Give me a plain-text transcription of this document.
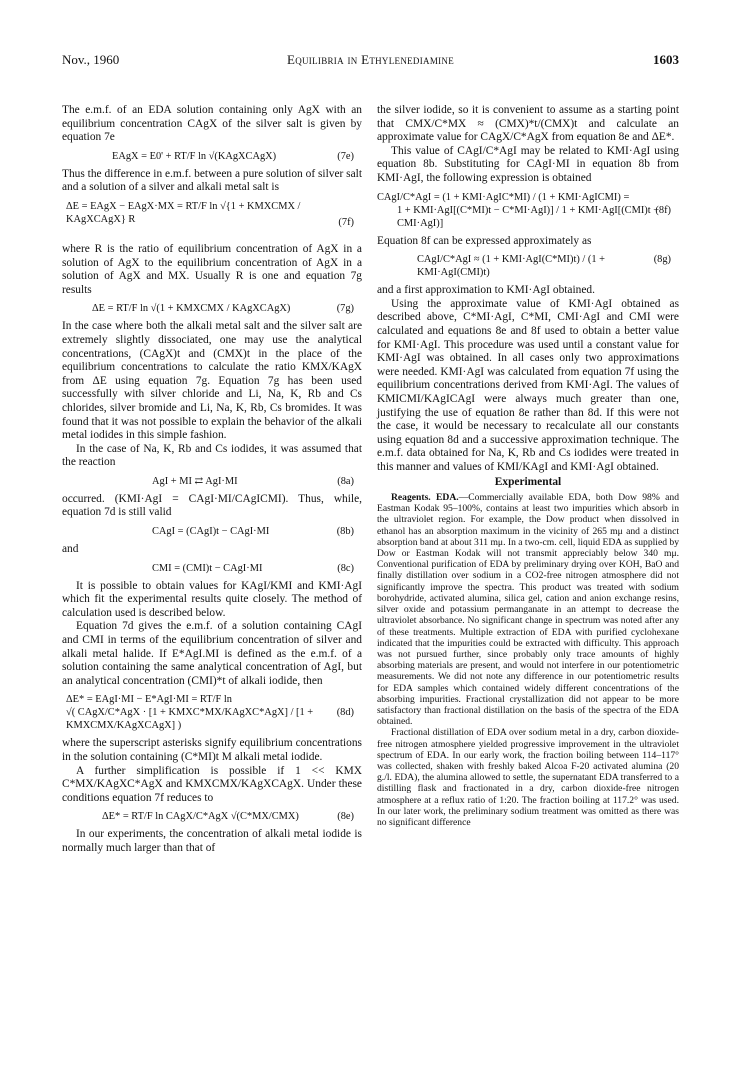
Nov., 1960	Equilibria in Ethylenediamine	1603

The e.m.f. of an EDA solution containing only AgX with an equilibrium concentration CAgX of the silver salt is given by equation 7e

EAgX = E0' + RT/F ln √(KAgXCAgX)	(7e)

Thus the difference in e.m.f. between a pure solution of silver salt and a solution of a silver and alkali metal salt is

ΔE = EAgX − EAgX·MX = RT/F ln √{1 + KMXCMX / KAgXCAgX} R	(7f)

where R is the ratio of equilibrium concentration of AgX in a solution of AgX to the equilibrium concentration of AgX in a solution of AgX and MX. Usually R is one and equation 7g results

ΔE = RT/F ln √(1 + KMXCMX / KAgXCAgX)	(7g)

In the case where both the alkali metal salt and the silver salt are extremely slightly dissociated, one may use the analytical concentrations, (CAgX)t and (CMX)t in the place of the equilibrium concentrations to calculate the ratio KMX/KAgX from ΔE using equation 7g. Equation 7g has been used successfully with silver chloride and Li, Na, K, Rb and Cs chlorides, silver bromide and Li, Na, K, Rb, Cs bromides. It was found that it was not possible to explain the behavior of the alkali metal iodides in this simple fashion.

In the case of Na, K, Rb and Cs iodides, it was assumed that the reaction

AgI + MI ⇄ AgI·MI	(8a)

occurred. (KMI·AgI = CAgI·MI/CAgICMI). Thus, while, equation 7d is still valid

CAgI = (CAgI)t − CAgI·MI	(8b)

and

CMI = (CMI)t − CAgI·MI	(8c)

It is possible to obtain values for KAgI/KMI and KMI·AgI which fit the experimental results quite closely. The method of calculation used is described below.

Equation 7d gives the e.m.f. of a solution containing CAgI and CMI in terms of the equilibrium concentration of silver and alkali metal halide. If E*AgI.MI is defined as the e.m.f. of a solution containing the same analytical concentration of AgI, but an analytical concentration (CMI)*t of alkali iodide, then

ΔE* = EAgI·MI − E*AgI·MI = RT/F ln
√( CAgX/C*AgX · [1 + KMXC*MX/KAgXC*AgX] / [1 + KMXCMX/KAgXCAgX] )
(8d)

where the superscript asterisks signify equilibrium concentrations in the solution containing (C*MI)t M alkali metal iodide.

A further simplification is possible if 1 << KMX C*MX/KAgXC*AgX and KMXCMX/KAgXCAgX. Under these conditions equation 7f reduces to

ΔE* = RT/F ln CAgX/C*AgX √(C*MX/CMX)	(8e)

In our experiments, the concentration of alkali metal iodide is normally much larger than that of

the silver iodide, so it is convenient to assume as a starting point that CMX/C*MX ≈ (CMX)*t/(CMX)t and calculate an approximate value for CAgX/C*AgX from equation 8e and ΔE*.

This value of CAgI/C*AgI may be related to KMI·AgI using equation 8b. Substituting for CAgI·MI in equation 8b from KMI·AgI, the following expression is obtained

CAgI/C*AgI = (1 + KMI·AgIC*MI) / (1 + KMI·AgICMI) =
1 + KMI·AgI[(C*MI)t − C*MI·AgI)] / 1 + KMI·AgI[(CMI)t − CMI·AgI)]
(8f)

Equation 8f can be expressed approximately as

CAgI/C*AgI ≈ (1 + KMI·AgI(C*MI)t) / (1 + KMI·AgI(CMI)t)
(8g)

and a first approximation to KMI·AgI obtained.

Using the approximate value of KMI·AgI obtained as described above, C*MI·AgI, C*MI, CMI·AgI and CMI were calculated and equations 8e and 8f used to obtain a better value for KMI·AgI. This procedure was used until a constant value for KMI·AgI was obtained. In all cases only two approximations were needed. KMI·AgI was calculated from equation 7f using the equilibrium concentrations derived from KMI·AgI. The values of KMICMI/KAgICAgI were always much greater than one, justifying the use of equation 8e rather than 8d. If this were not the case, it would be necessary to recalculate all our constants using equation 8d and a successive approximation technique. The e.m.f. data obtained for Na, K, Rb and Cs iodides were treated in this manner and values of KMI/KAgI and KMI·AgI obtained.

Experimental

Reagents. EDA.—Commercially available EDA, both Dow 98% and Eastman Kodak 95–100%, contains at least two impurities which absorb in the ultraviolet region. For example, the Dow product when dissolved in ethanol has an absorption maximum in the vicinity of 265 mμ and a distinct absorption band at about 311 mμ. In a two-cm. cell, liquid EDA as supplied by Dow or Eastman Kodak will not transmit appreciably below 340 mμ. Conventional purification of EDA by preliminary drying over KOH, BaO and finally distillation over sodium in a CO2-free nitrogen atmosphere did not significantly improve the spectra. This product was treated with sodium borohydride, activated alumina, silica gel, cation and anion exchange resins, silver oxide and potassium permanganate in an attempt to decrease the ultraviolet absorbance. No significant change in spectrum was noted after any of these treatments. Multiple extraction of EDA with purified cyclohexane indicated that the impurities could be extracted with difficulty. This approach was not pursued further, since probably only trace amounts of highly absorbing materials are present, and would not interfere in our potentiometric measurements. We did not note any difference in our potentiometric results for EDA samples which contained widely different concentrations of the absorbing impurities. Fractional crystallization did not appear to be more satisfactory than fractional distillation on the basis of the spectra of the EDA obtained.

Fractional distillation of EDA over sodium metal in a dry, carbon dioxide-free nitrogen atmosphere yielded progressive improvement in the ultraviolet spectrum of EDA. In our early work, the fraction boiling between 114–117° was collected, shaken with freshly baked Alcoa F-20 activated alumina (20 g./l. EDA), the alumina allowed to settle, the supernatant EDA transferred to a distilling flask and fractionated in a dry, carbon dioxide-free nitrogen atmosphere at a reflux ratio of 1:20. The fraction boiling at 117.2° was used. In our later work, the preliminary sodium treatment was omitted as there was no significant difference
